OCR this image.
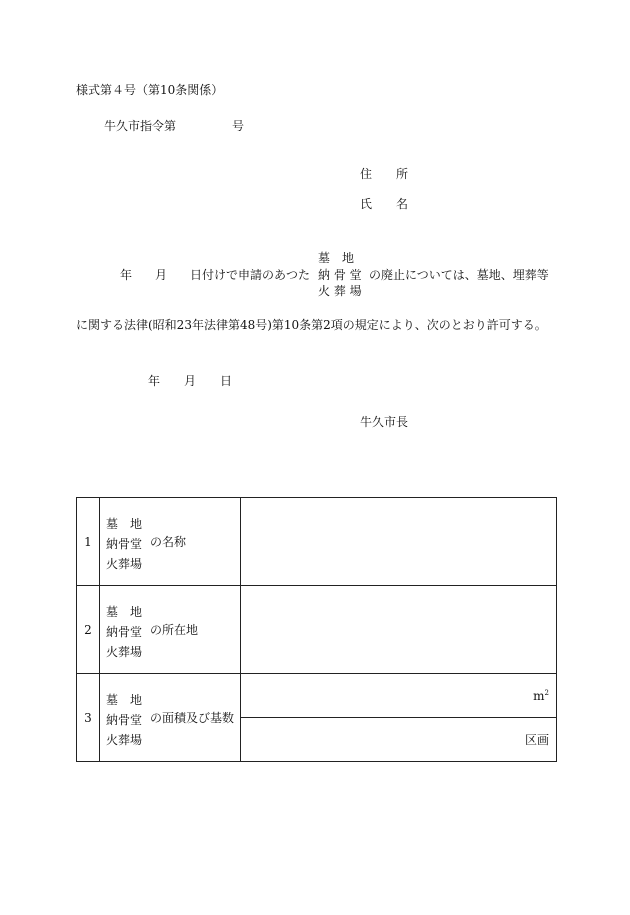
様式第４号（第10条関係）
牛久市指令第	号
住　　所
氏　　名
年 月 日付けで申請のあつた
墓　地
納 骨 堂
火 葬 場
の廃止については、墓地、埋葬等
に関する法律(昭和23年法律第48号)第10条第2項の規定により、次のとおり許可する。
年 月 日
牛久市長
1	墓　地
納骨堂
火葬場
の名称	

2	墓　地
納骨堂
火葬場
の所在地	

3	墓　地
納骨堂
火葬場
の面積及び基数	$m^2$
		区画
